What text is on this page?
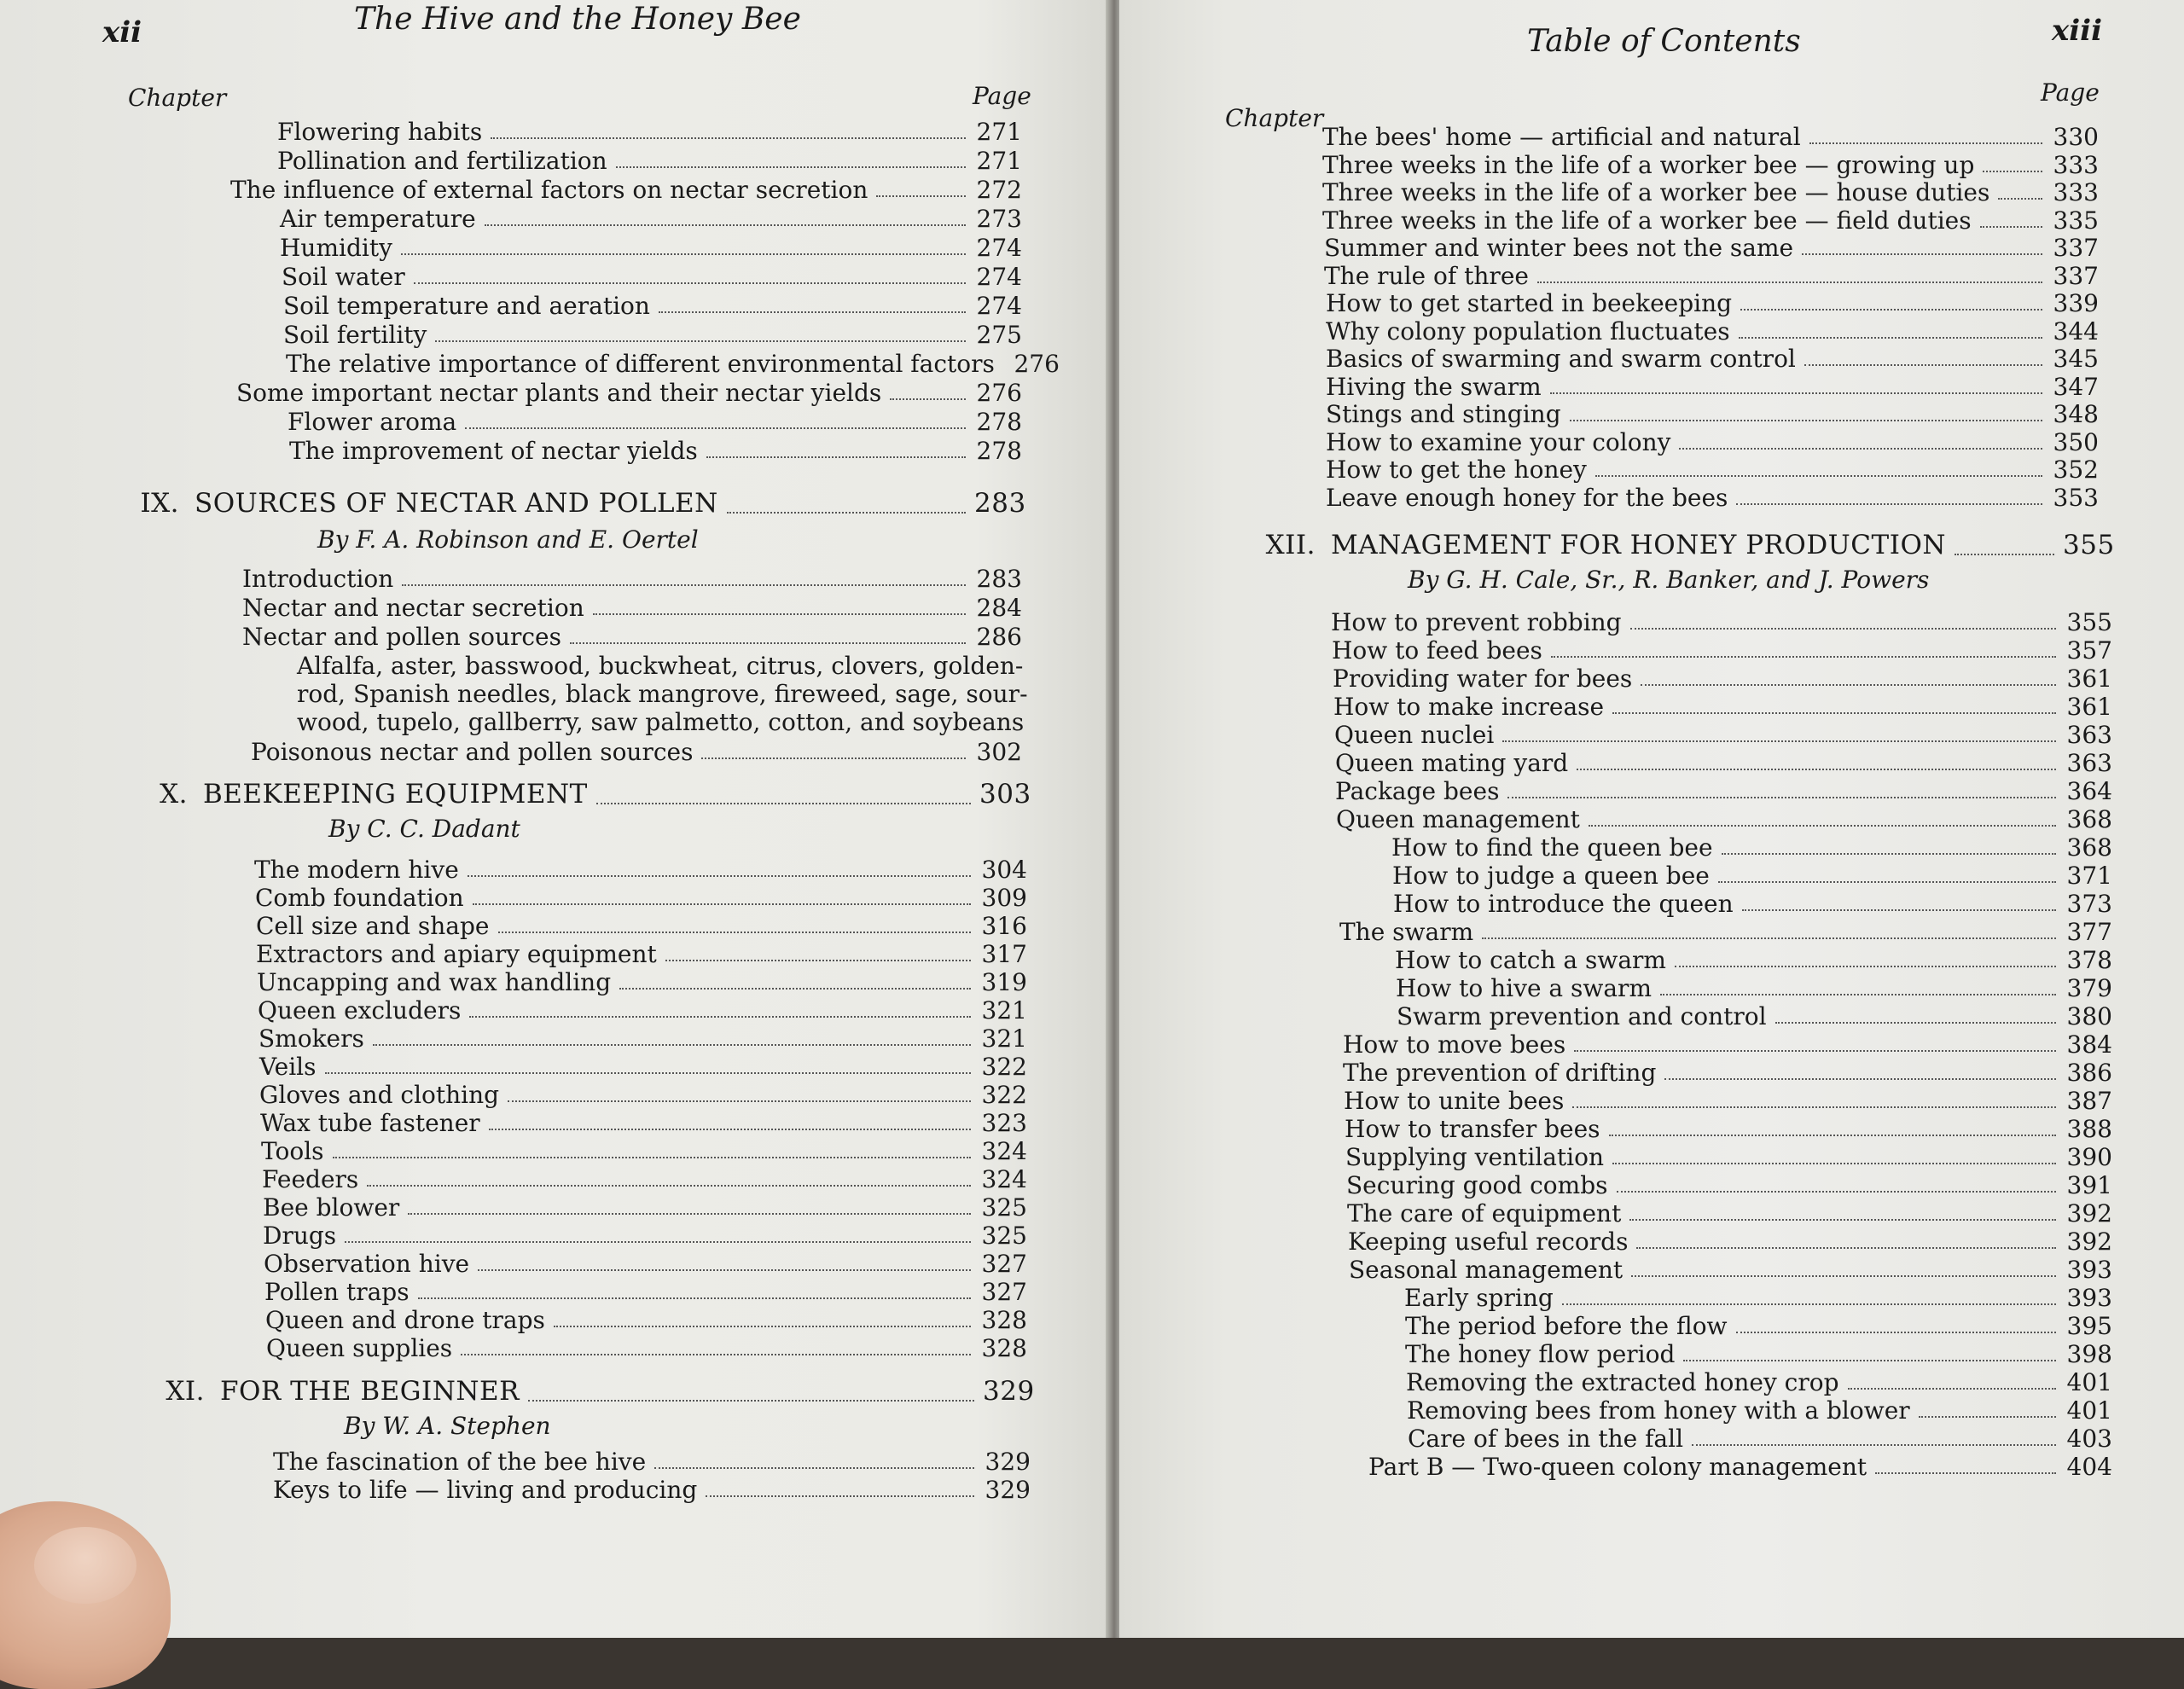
xii	The Hive and the Honey Bee
Chapter	Page
Flowering habits	271
Pollination and fertilization	271
The influence of external factors on nectar secretion	272
Air temperature	273
Humidity	274
Soil water	274
Soil temperature and aeration	274
Soil fertility	275
The relative importance of different environmental factors 276
Some important nectar plants and their nectar yields	276
Flower aroma	278
The improvement of nectar yields	278
IX. SOURCES OF NECTAR AND POLLEN	283
By F. A. Robinson and E. Oertel
Introduction	283
Nectar and nectar secretion	284
Nectar and pollen sources	286
Alfalfa, aster, basswood, buckwheat, citrus, clovers, golden-
rod, Spanish needles, black mangrove, fireweed, sage, sour-
wood, tupelo, gallberry, saw palmetto, cotton, and soybeans
Poisonous nectar and pollen sources	302
X. BEEKEEPING EQUIPMENT	303
By C. C. Dadant
The modern hive	304
Comb foundation	309
Cell size and shape	316
Extractors and apiary equipment	317
Uncapping and wax handling	319
Queen excluders	321
Smokers	321
Veils	322
Gloves and clothing	322
Wax tube fastener	323
Tools	324
Feeders	324
Bee blower	325
Drugs	325
Observation hive	327
Pollen traps	327
Queen and drone traps	328
Queen supplies	328
XI. FOR THE BEGINNER	329
By W. A. Stephen
The fascination of the bee hive	329
Keys to life — living and producing	329
Table of Contents	xiii
Chapter
Page
The bees' home — artificial and natural	330
Three weeks in the life of a worker bee — growing up	333
Three weeks in the life of a worker bee — house duties	333
Three weeks in the life of a worker bee — field duties	335
Summer and winter bees not the same	337
The rule of three	337
How to get started in beekeeping	339
Why colony population fluctuates	344
Basics of swarming and swarm control	345
Hiving the swarm	347
Stings and stinging	348
How to examine your colony	350
How to get the honey	352
Leave enough honey for the bees	353
XII. MANAGEMENT FOR HONEY PRODUCTION	355
By G. H. Cale, Sr., R. Banker, and J. Powers
How to prevent robbing	355
How to feed bees	357
Providing water for bees	361
How to make increase	361
Queen nuclei	363
Queen mating yard	363
Package bees	364
Queen management	368
How to find the queen bee	368
How to judge a queen bee	371
How to introduce the queen	373
The swarm	377
How to catch a swarm	378
How to hive a swarm	379
Swarm prevention and control	380
How to move bees	384
The prevention of drifting	386
How to unite bees	387
How to transfer bees	388
Supplying ventilation	390
Securing good combs	391
The care of equipment	392
Keeping useful records	392
Seasonal management	393
Early spring	393
The period before the flow	395
The honey flow period	398
Removing the extracted honey crop	401
Removing bees from honey with a blower	401
Care of bees in the fall	403
Part B — Two-queen colony management	404
